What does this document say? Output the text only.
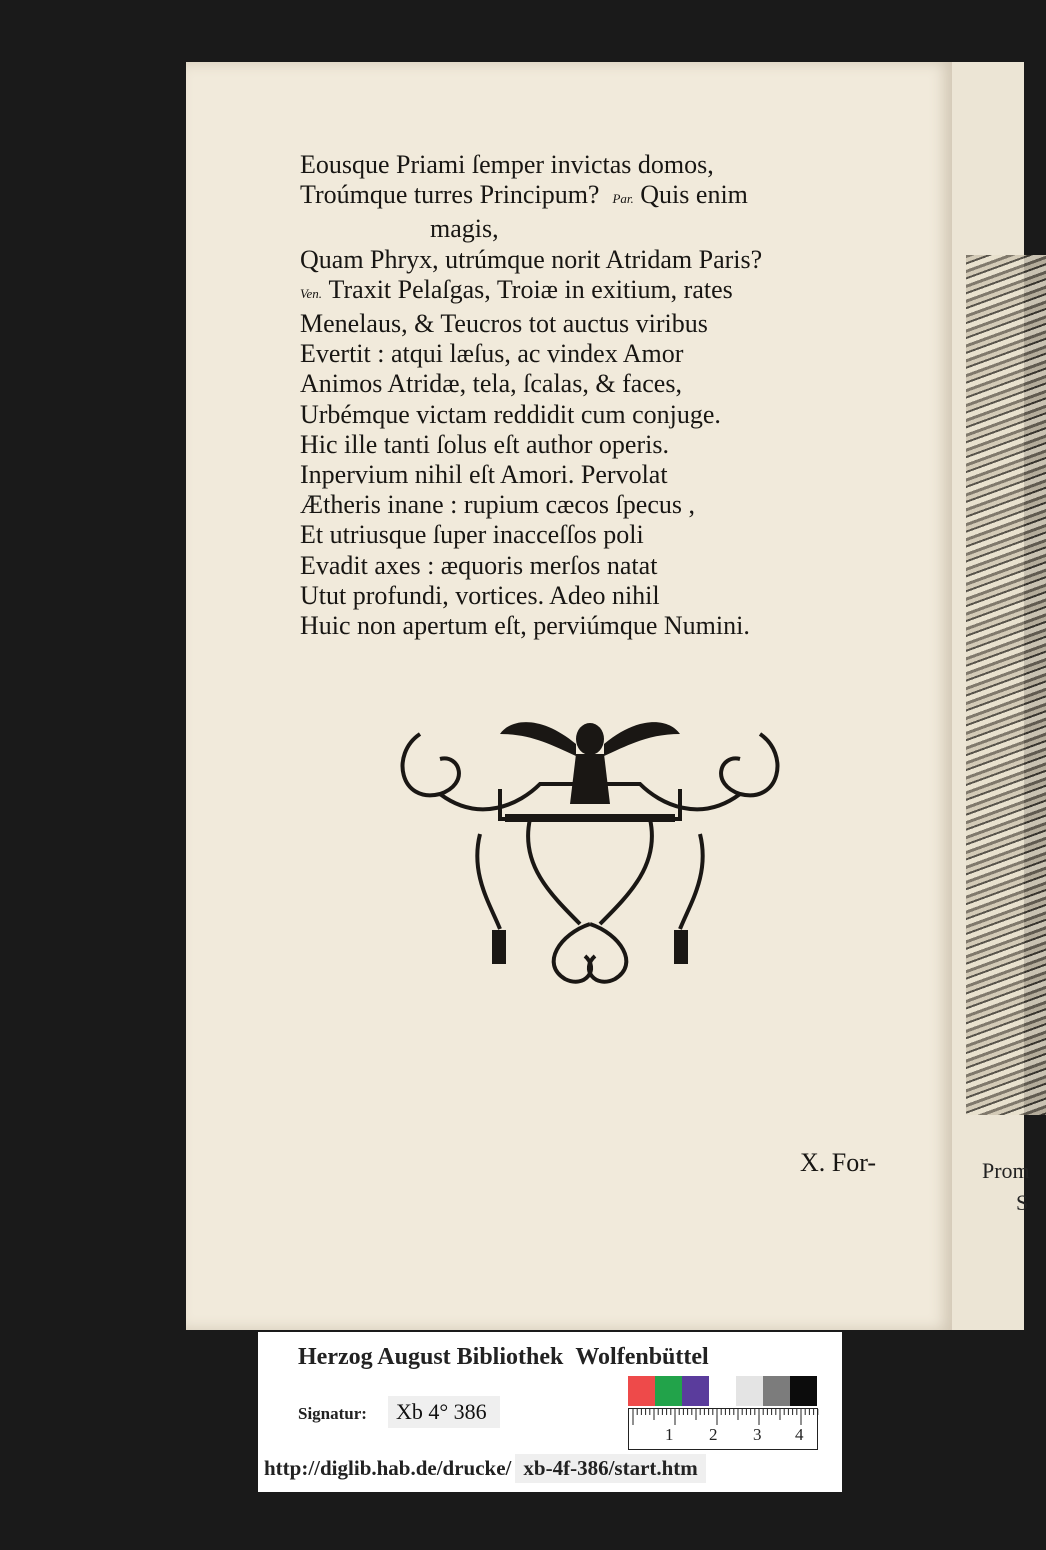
Prom
S
Eousque Priami ſemper invictas domos,
Troúmque turres Principum? Par. Quis enim
magis,
Quam Phryx, utrúmque norit Atridam Paris?
Ven. Traxit Pelaſgas, Troiæ in exitium, rates
Menelaus, & Teucros tot auctus viribus
Evertit : atqui læſus, ac vindex Amor
Animos Atridæ, tela, ſcalas, & faces,
Urbémque victam reddidit cum conjuge.
Hic ille tanti ſolus eſt author operis.
Inpervium nihil eſt Amori. Pervolat
Ætheris inane : rupium cæcos ſpecus ,
Et utriusque ſuper inacceſſos poli
Evadit axes : æquoris merſos natat
Utut profundi, vortices. Adeo nihil
Huic non apertum eſt, perviúmque Numini.
X. For-
Herzog August Bibliothek Wolfenbüttel
Signatur:	Xb 4° 386
1 2 3 4
http://diglib.hab.de/drucke/ xb-4f-386/start.htm
